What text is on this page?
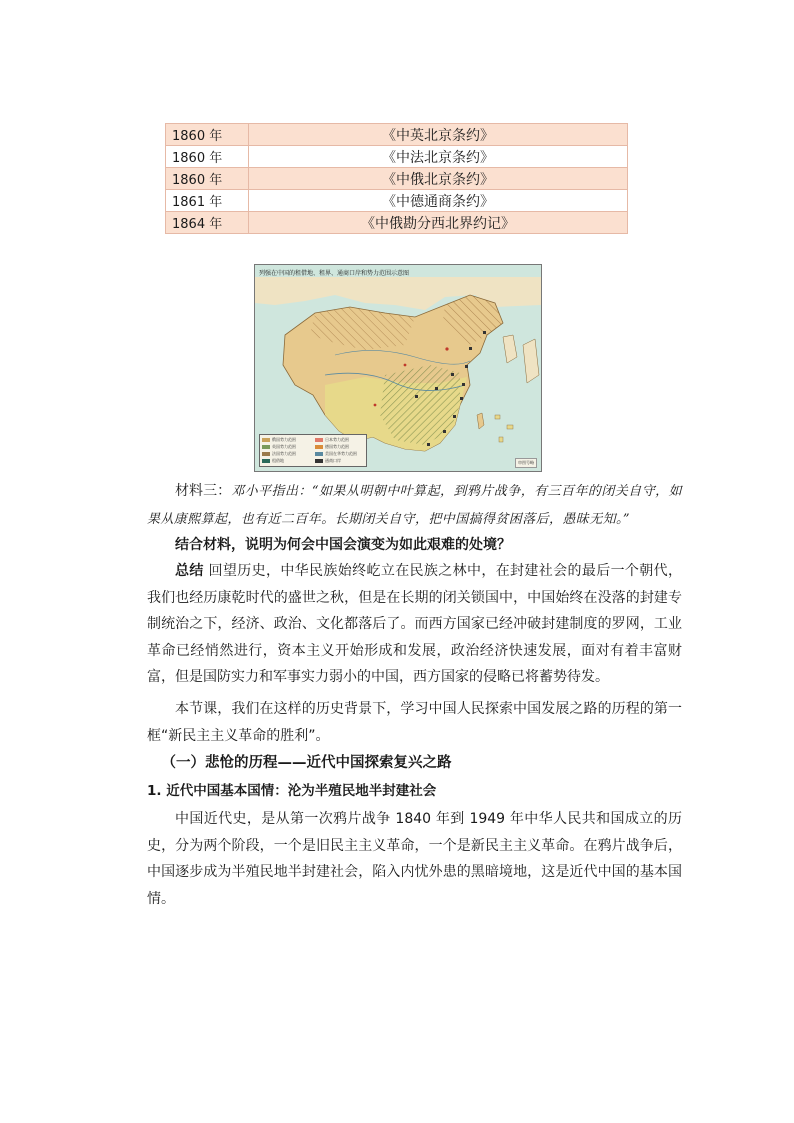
1860 年	《中英北京条约》
1860 年	《中法北京条约》
1860 年	《中俄北京条约》
1861 年	《中德通商条约》
1864 年	《中俄勘分西北界约记》
列强在中国的租借地、租界、通商口岸和势力范围示意图
俄国势力范围	日本势力范围
英国势力范围	德国势力范围
法国势力范围	美国在华势力范围
租借地	通商口岸	审图号略

材料三：邓小平指出：“如果从明朝中叶算起，到鸦片战争，有三百年的闭关自守，如果从康熙算起，也有近二百年。长期闭关自守，把中国搞得贫困落后，愚昧无知。”

结合材料，说明为何会中国会演变为如此艰难的处境？

总结 回望历史，中华民族始终屹立在民族之林中，在封建社会的最后一个朝代，我们也经历康乾时代的盛世之秋，但是在长期的闭关锁国中，中国始终在没落的封建专制统治之下，经济、政治、文化都落后了。而西方国家已经冲破封建制度的罗网，工业革命已经悄然进行，资本主义开始形成和发展，政治经济快速发展，面对有着丰富财富，但是国防实力和军事实力弱小的中国，西方国家的侵略已将蓄势待发。

本节课，我们在这样的历史背景下，学习中国人民探索中国发展之路的历程的第一框“新民主主义革命的胜利”。

（一）悲怆的历程——近代中国探索复兴之路

1. 近代中国基本国情：沦为半殖民地半封建社会

中国近代史，是从第一次鸦片战争 1840 年到 1949 年中华人民共和国成立的历史，分为两个阶段，一个是旧民主主义革命，一个是新民主主义革命。在鸦片战争后，中国逐步成为半殖民地半封建社会，陷入内忧外患的黑暗境地，这是近代中国的基本国情。
